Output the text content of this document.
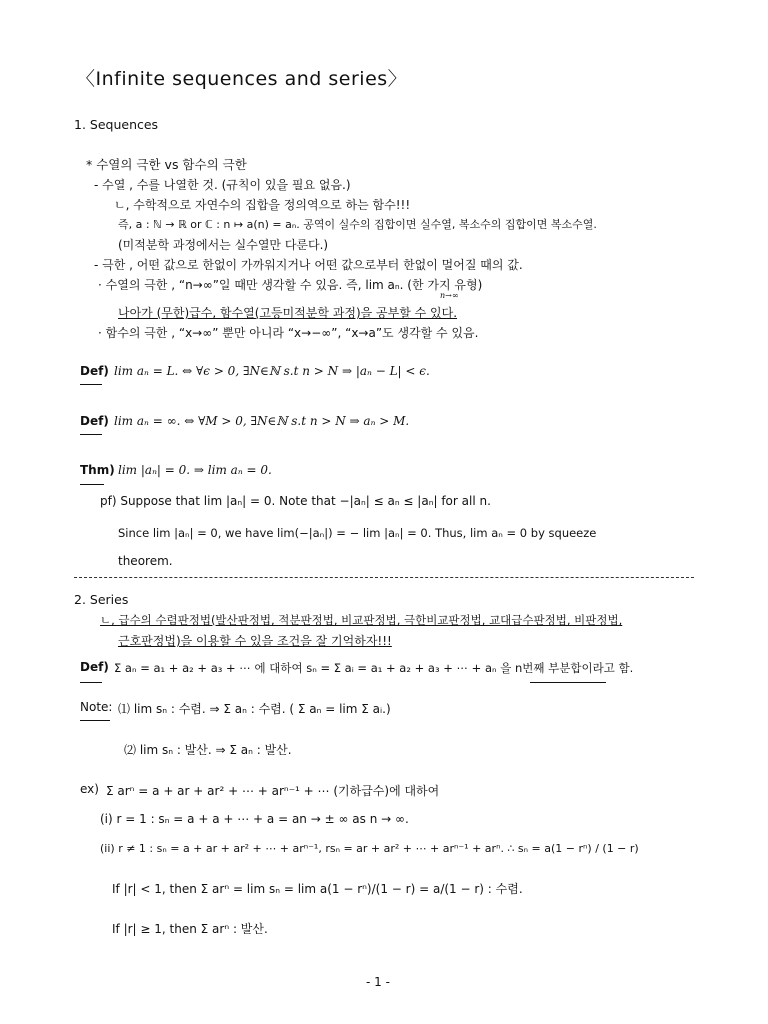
〈Infinite sequences and series〉
1. Sequences
* 수열의 극한 vs 함수의 극한
- 수열 , 수를 나열한 것. (규칙이 있을 필요 없음.)
ㄴ, 수학적으로 자연수의 집합을 정의역으로 하는 함수!!!
즉, a : ℕ → ℝ or ℂ : n ↦ a(n) = aₙ. 공역이 실수의 집합이면 실수열, 복소수의 집합이면 복소수열.
(미적분학 과정에서는 실수열만 다룬다.)
- 극한 , 어떤 값으로 한없이 가까워지거나 어떤 값으로부터 한없이 멀어질 때의 값.
· 수열의 극한 , “n→∞”일 때만 생각할 수 있음. 즉, lim aₙ. (한 가지 유형)
n→∞
나아가 (무한)급수, 함수열(고등미적분학 과정)을 공부할 수 있다.
· 함수의 극한 , “x→∞” 뿐만 아니라 “x→−∞”, “x→a”도 생각할 수 있음.
Def) lim aₙ = L. ⇔ ∀ϵ > 0, ∃N∈ℕ s.t n > N ⇒ |aₙ − L| < ϵ.
Def) lim aₙ = ∞. ⇔ ∀M > 0, ∃N∈ℕ s.t n > N ⇒ aₙ > M.
Thm) lim |aₙ| = 0. ⇒ lim aₙ = 0.
pf) Suppose that lim |aₙ| = 0. Note that −|aₙ| ≤ aₙ ≤ |aₙ| for all n.
Since lim |aₙ| = 0, we have lim(−|aₙ|) = − lim |aₙ| = 0. Thus, lim aₙ = 0 by squeeze
theorem.
2. Series
ㄴ, 급수의 수렴판정법(발산판정법, 적분판정법, 비교판정법, 극한비교판정법, 교대급수판정법, 비판정법,
근호판정법)을 이용할 수 있을 조건을 잘 기억하자!!!
Def) Σ aₙ = a₁ + a₂ + a₃ + ⋯ 에 대하여 sₙ = Σ aᵢ = a₁ + a₂ + a₃ + ⋯ + aₙ 을 n번째 부분합이라고 함.
Note: ⑴ lim sₙ : 수렴. ⇒ Σ aₙ : 수렴. ( Σ aₙ = lim Σ aᵢ.)
⑵ lim sₙ : 발산. ⇒ Σ aₙ : 발산.
ex) Σ arⁿ = a + ar + ar² + ⋯ + arⁿ⁻¹ + ⋯ (기하급수)에 대하여
(i) r = 1 : sₙ = a + a + ⋯ + a = an → ± ∞ as n → ∞.
(ii) r ≠ 1 : sₙ = a + ar + ar² + ⋯ + arⁿ⁻¹, rsₙ = ar + ar² + ⋯ + arⁿ⁻¹ + arⁿ. ∴ sₙ = a(1 − rⁿ) / (1 − r)
If |r| < 1, then Σ arⁿ = lim sₙ = lim a(1 − rⁿ)/(1 − r) = a/(1 − r) : 수렴.
If |r| ≥ 1, then Σ arⁿ : 발산.
- 1 -
